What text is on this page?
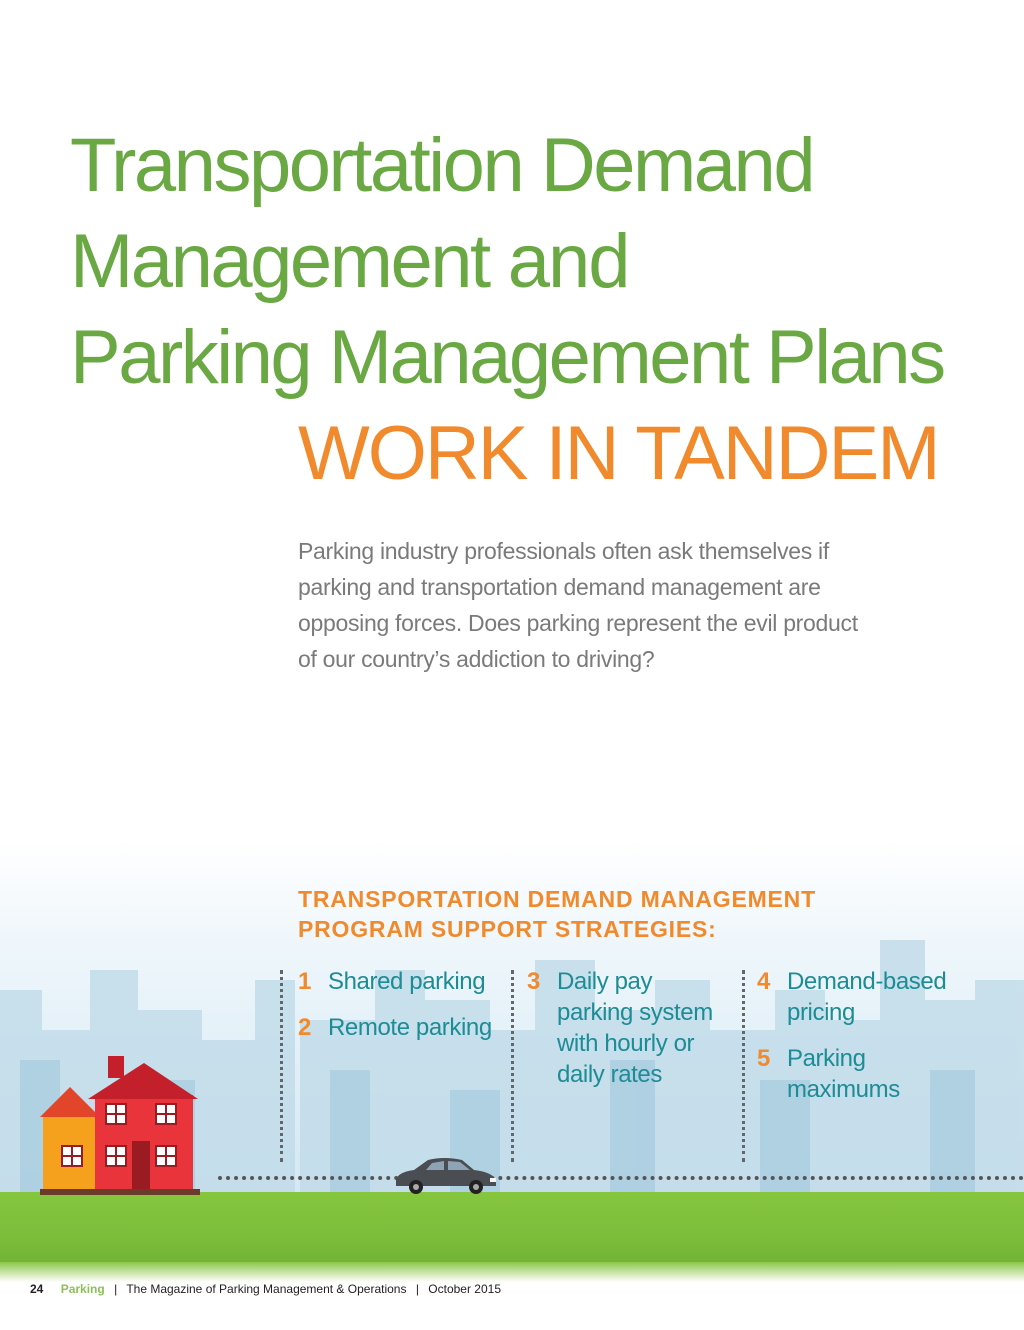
Transportation Demand
Management and
Parking Management Plans
WORK IN TANDEM

Parking industry professionals often ask themselves if parking and transportation demand management are opposing forces. Does parking represent the evil product of our country’s addiction to driving?

TRANSPORTATION DEMAND MANAGEMENT
PROGRAM SUPPORT STRATEGIES:
1 Shared parking
2 Remote parking
3 Daily pay parking system with hourly or daily rates
4 Demand-based pricing
5 Parking maximums
24 Parking | The Magazine of Parking Management & Operations | October 2015
